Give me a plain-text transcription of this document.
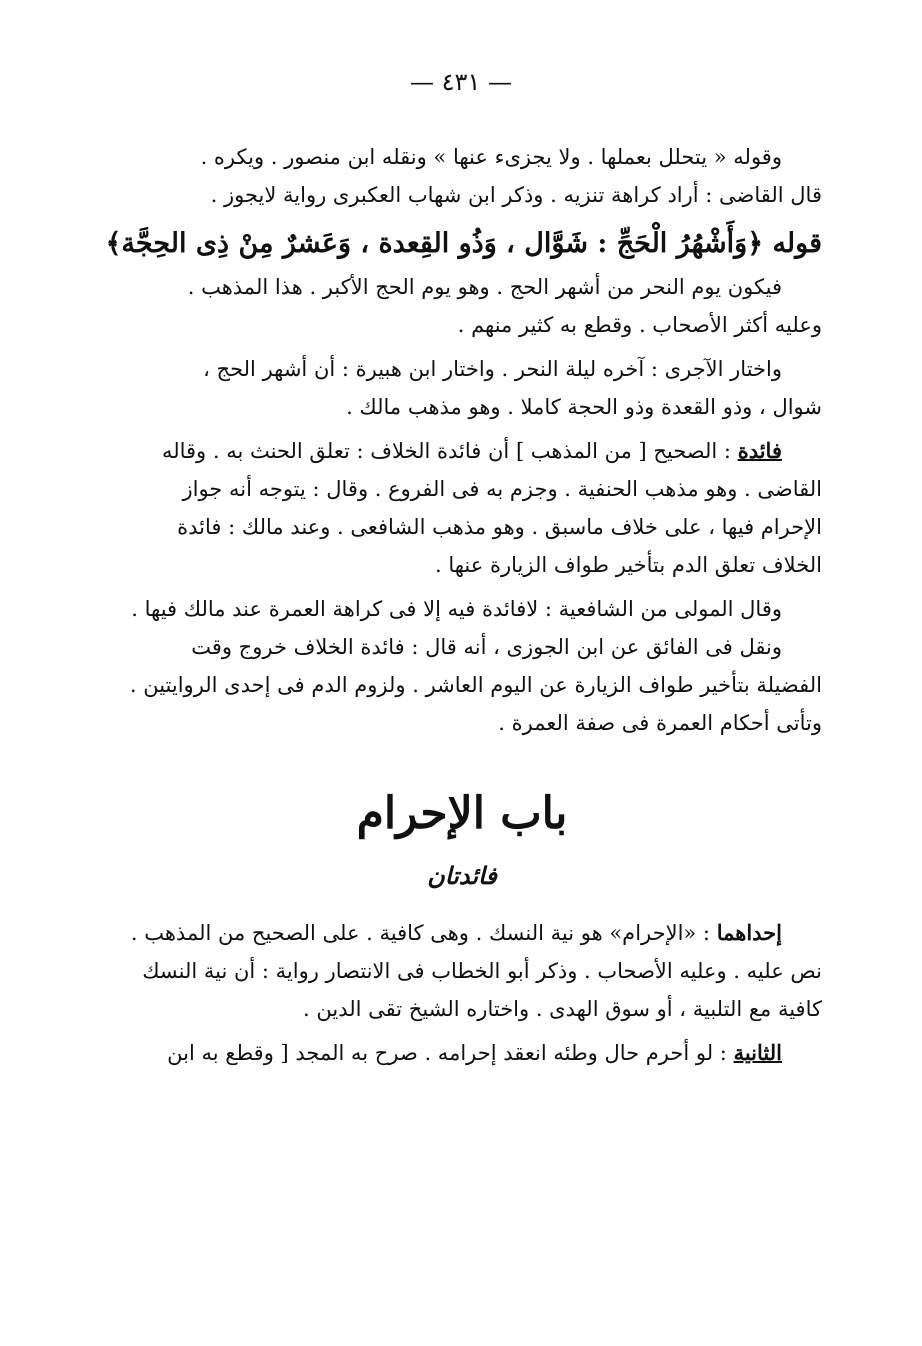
— ٤٣١ —
وقوله « يتحلل بعملها . ولا يجزىء عنها » ونقله ابن منصور . ويكره .
قال القاضى : أراد كراهة تنزيه . وذكر ابن شهاب العكبرى رواية لايجوز .
قوله ﴿وَأَشْهُرُ الْحَجِّ : شَوَّال ، وَذُو القِعدة ، وَعَشرٌ مِنْ ذِى الحِجَّة﴾
فيكون يوم النحر من أشهر الحج . وهو يوم الحج الأكبر . هذا المذهب .
وعليه أكثر الأصحاب . وقطع به كثير منهم .
واختار الآجرى : آخره ليلة النحر . واختار ابن هبيرة : أن أشهر الحج ،
شوال ، وذو القعدة وذو الحجة كاملا . وهو مذهب مالك .
فائدة : الصحيح [ من المذهب ] أن فائدة الخلاف : تعلق الحنث به . وقاله
القاضى . وهو مذهب الحنفية . وجزم به فى الفروع . وقال : يتوجه أنه جواز
الإحرام فيها ، على خلاف ماسبق . وهو مذهب الشافعى . وعند مالك : فائدة
الخلاف تعلق الدم بتأخير طواف الزيارة عنها .
وقال المولى من الشافعية : لافائدة فيه إلا فى كراهة العمرة عند مالك فيها .
ونقل فى الفائق عن ابن الجوزى ، أنه قال : فائدة الخلاف خروج وقت
الفضيلة بتأخير طواف الزيارة عن اليوم العاشر . ولزوم الدم فى إحدى الروايتين .
وتأتى أحكام العمرة فى صفة العمرة .
باب الإحرام
فائدتان
إحداهما : «الإحرام» هو نية النسك . وهى كافية . على الصحيح من المذهب .
نص عليه . وعليه الأصحاب . وذكر أبو الخطاب فى الانتصار رواية : أن نية النسك
كافية مع التلبية ، أو سوق الهدى . واختاره الشيخ تقى الدين .
الثانية : لو أحرم حال وطئه انعقد إحرامه . صرح به المجد [ وقطع به ابن
